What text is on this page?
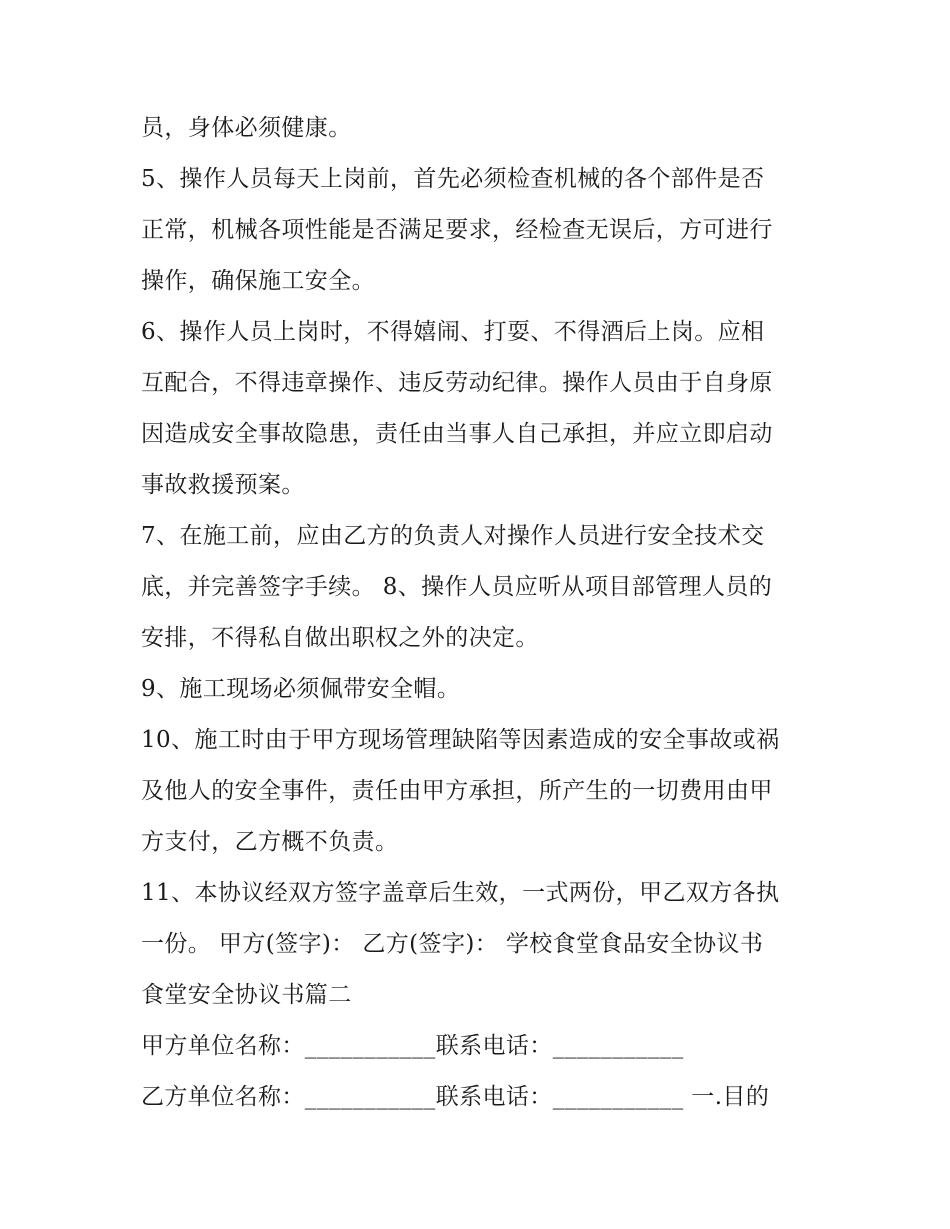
员，身体必须健康。
5、操作人员每天上岗前，首先必须检查机械的各个部件是否
正常，机械各项性能是否满足要求，经检查无误后，方可进行
操作，确保施工安全。
6、操作人员上岗时，不得嬉闹、打耍、不得酒后上岗。应相
互配合，不得违章操作、违反劳动纪律。操作人员由于自身原
因造成安全事故隐患，责任由当事人自己承担，并应立即启动
事故救援预案。
7、在施工前，应由乙方的负责人对操作人员进行安全技术交
底，并完善签字手续。 8、操作人员应听从项目部管理人员的
安排，不得私自做出职权之外的决定。
9、施工现场必须佩带安全帽。
10、施工时由于甲方现场管理缺陷等因素造成的安全事故或祸
及他人的安全事件，责任由甲方承担，所产生的一切费用由甲
方支付，乙方概不负责。
11、本协议经双方签字盖章后生效，一式两份，甲乙双方各执
一份。 甲方(签字)： 乙方(签字)： 学校食堂食品安全协议书
食堂安全协议书篇二
甲方单位名称：___________联系电话：___________
乙方单位名称：___________联系电话：___________ 一.目的
